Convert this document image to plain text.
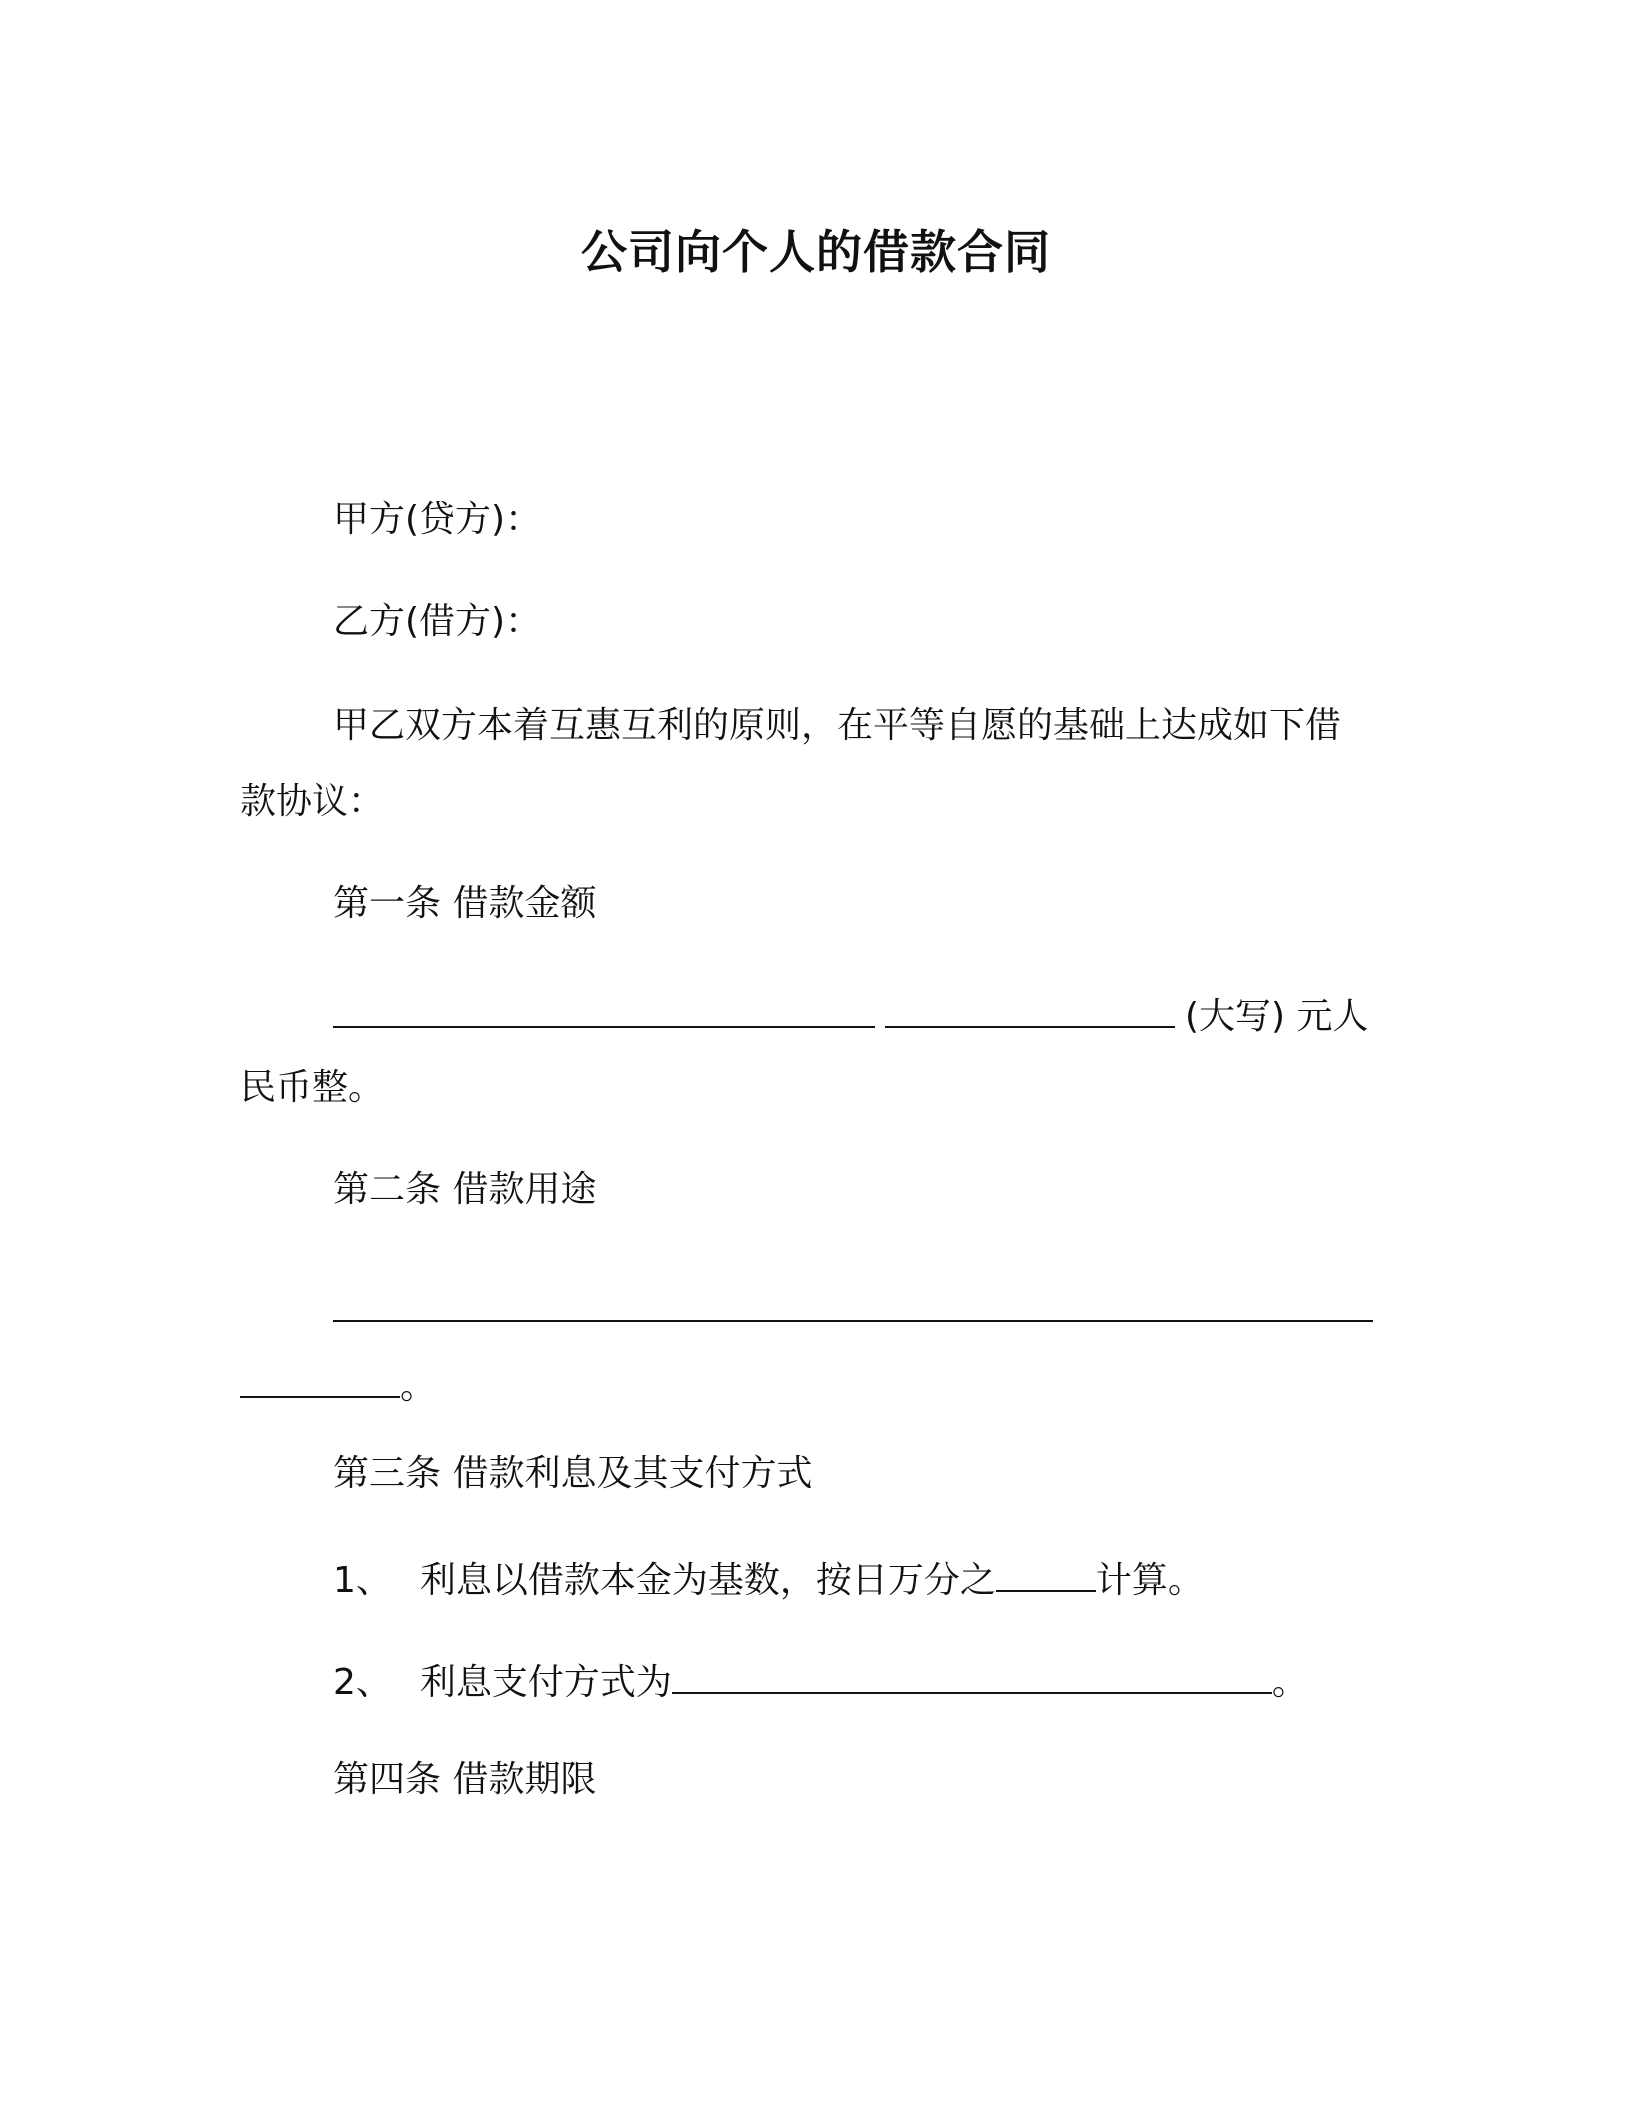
公司向个人的借款合同
甲方(贷方)：
乙方(借方)：
甲乙双方本着互惠互利的原则，在平等自愿的基础上达成如下借
款协议：
第一条 借款金额
(大写) 元人
民币整。
第二条 借款用途
。
第三条 借款利息及其支付方式
1、 利息以借款本金为基数，按日万分之	计算。
2、 利息支付方式为	。
第四条 借款期限
